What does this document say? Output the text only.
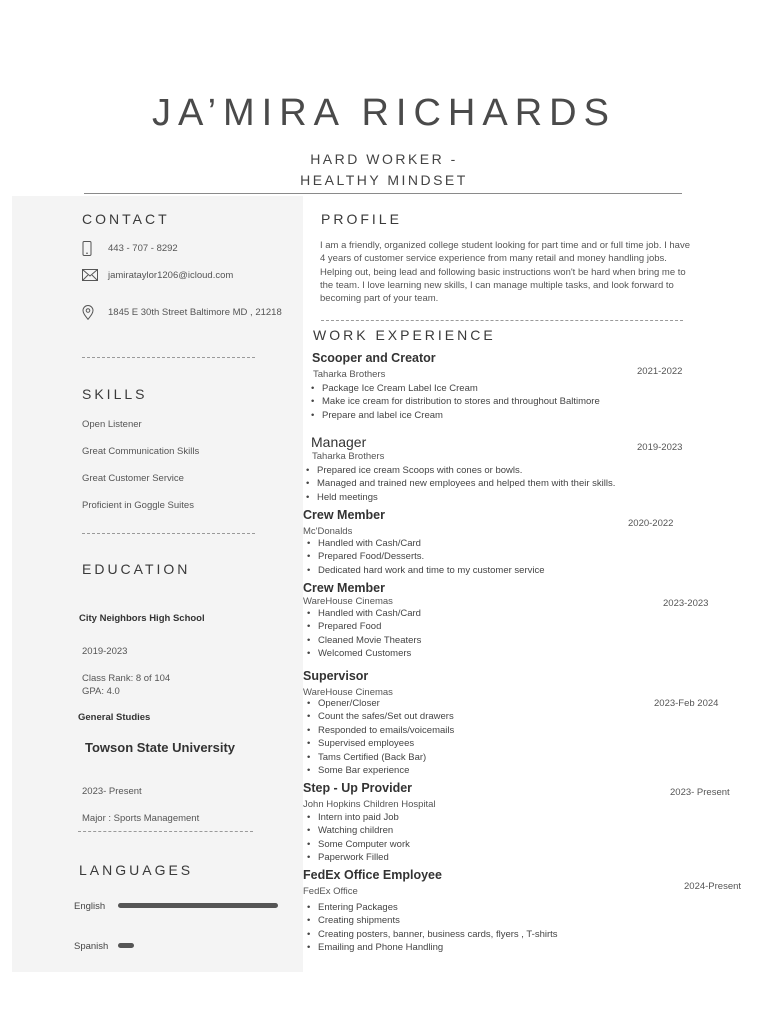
JA’MIRA RICHARDS
HARD WORKER -
HEALTHY MINDSET
CONTACT
443 - 707 - 8292
jamirataylor1206@icloud.com
1845 E 30th Street Baltimore MD , 21218
SKILLS
Open Listener
Great Communication Skills
Great Customer Service
Proficient in Goggle Suites
EDUCATION
City Neighbors High School
2019-2023
Class Rank: 8 of 104
GPA: 4.0
General Studies
Towson State University
2023- Present
Major : Sports Management
LANGUAGES
English
Spanish
PROFILE
I am a friendly, organized college student looking for part time and or full time job. I have 4 years of customer service experience from many retail and money handling jobs. Helping out, being lead and following basic instructions won't be hard when bring me to the team. I love learning new skills, I can manage multiple tasks, and look forward to becoming part of your team.
WORK EXPERIENCE
Scooper and Creator
Taharka Brothers	2021-2022
• Package Ice Cream Label Ice Cream
• Make ice cream for distribution to stores and throughout Baltimore
• Prepare and label ice Cream
Manager
Taharka Brothers
2019-2023
• Prepared ice cream Scoops with cones or bowls.
• Managed and trained new employees and helped them with their skills.
• Held meetings
Crew Member
Mc'Donalds
2020-2022
• Handled with Cash/Card
• Prepared Food/Desserts.
• Dedicated hard work and time to my customer service
Crew Member
WareHouse Cinemas	2023-2023
• Handled with Cash/Card
• Prepared Food
• Cleaned Movie Theaters
• Welcomed Customers
Supervisor
WareHouse Cinemas
2023-Feb 2024
• Opener/Closer
• Count the safes/Set out drawers
• Responded to emails/voicemails
• Supervised employees
• Tams Certified (Back Bar)
• Some Bar experience
Step - Up Provider
John Hopkins Children Hospital
2023- Present
• Intern into paid Job
• Watching children
• Some Computer work
• Paperwork Filled
FedEx Office Employee
FedEx Office	2024-Present
• Entering Packages
• Creating shipments
• Creating posters, banner, business cards, flyers , T-shirts
• Emailing and Phone Handling
